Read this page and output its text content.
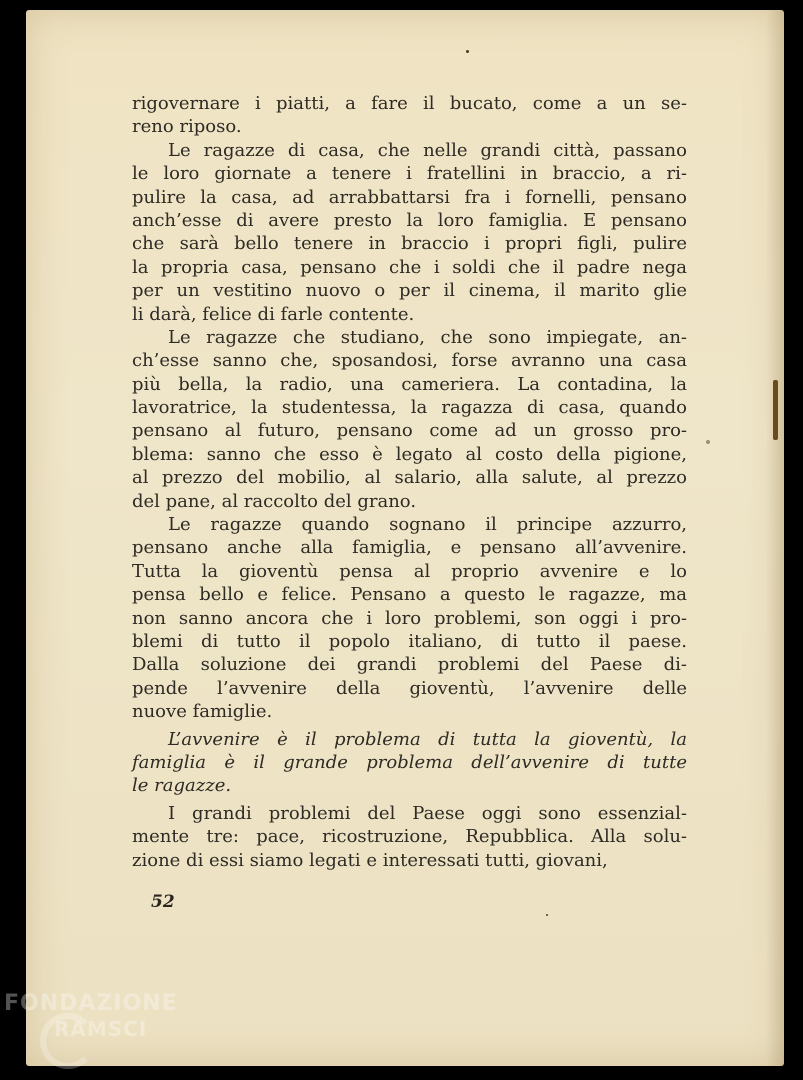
52
rigovernare i piatti, a fare il bucato, come a un se-
reno riposo.
Le ragazze di casa, che nelle grandi città, passano
le loro giornate a tenere i fratellini in braccio, a ri-
pulire la casa, ad arrabbattarsi fra i fornelli, pensano
anch’esse di avere presto la loro famiglia. E pensano
che sarà bello tenere in braccio i propri figli, pulire
la propria casa, pensano che i soldi che il padre nega
per un vestitino nuovo o per il cinema, il marito glie
li darà, felice di farle contente.
Le ragazze che studiano, che sono impiegate, an-
ch’esse sanno che, sposandosi, forse avranno una casa
più bella, la radio, una cameriera. La contadina, la
lavoratrice, la studentessa, la ragazza di casa, quando
pensano al futuro, pensano come ad un grosso pro-
blema: sanno che esso è legato al costo della pigione,
al prezzo del mobilio, al salario, alla salute, al prezzo
del pane, al raccolto del grano.
Le ragazze quando sognano il principe azzurro,
pensano anche alla famiglia, e pensano all’avvenire.
Tutta la gioventù pensa al proprio avvenire e lo
pensa bello e felice. Pensano a questo le ragazze, ma
non sanno ancora che i loro problemi, son oggi i pro-
blemi di tutto il popolo italiano, di tutto il paese.
Dalla soluzione dei grandi problemi del Paese di-
pende l’avvenire della gioventù, l’avvenire delle
nuove famiglie.
L’avvenire è il problema di tutta la gioventù, la
famiglia è il grande problema dell’avvenire di tutte
le ragazze.
I grandi problemi del Paese oggi sono essenzial-
mente tre: pace, ricostruzione, Repubblica. Alla solu-
zione di essi siamo legati e interessati tutti, giovani,
FONDAZIONE
RAMSCI
